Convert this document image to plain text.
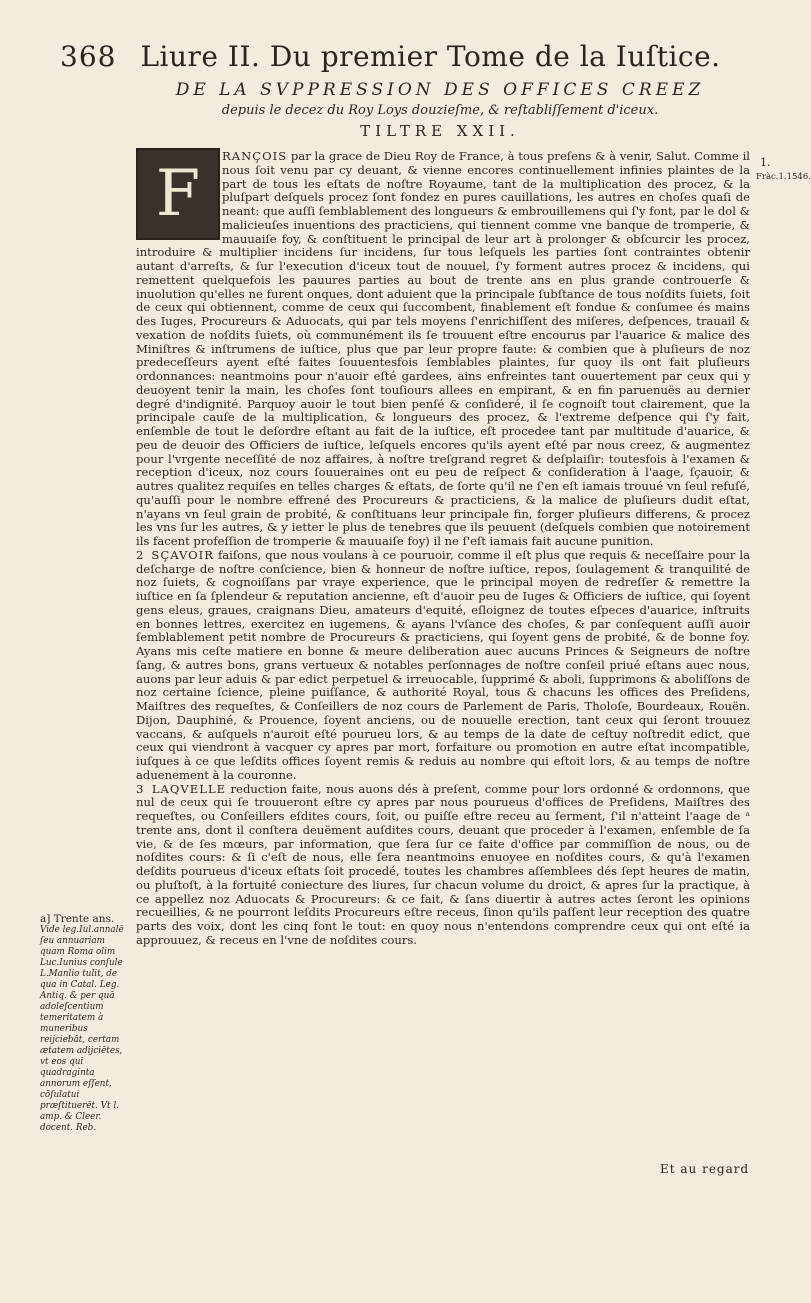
368 Liure II. Du premier Tome de la Iuſtice.
DE LA SVPPRESSION DES OFFICES CREEZ
depuis le decez du Roy Loys douzieſme, & reſtabliſſement d'iceux.
TILTRE XXII.
1.
Fràc.1.1546.
F

RANÇOIS par la grace de Dieu Roy de France, à tous preſens & à venir, Salut. Comme il nous ſoit venu par cy deuant, & vienne encores continuellement infinies plaintes de la part de tous les eſtats de noſtre Royaume, tant de la multiplication des procez, & la pluſpart deſquels procez ſont fondez en pures cauillations, les autres en choſes quaſi de neant: que auſſi ſemblablement des longueurs & embrouillemens qui ſ'y font, par le dol & malicieuſes inuentions des practiciens, qui tiennent comme vne banque de tromperie, & mauuaiſe foy, & conſtituent le principal de leur art à prolonger & obſcurcir les procez, introduire & multiplier incidens ſur incidens, ſur tous leſquels les parties ſont contraintes obtenir autant d'arreſts, & ſur l'execution d'iceux tout de nouuel, ſ'y forment autres procez & incidens, qui remettent quelquefois les pauures parties au bout de trente ans en plus grande controuerſe & inuolution qu'elles ne furent onques, dont aduient que la principale ſubſtance de tous noſdits ſuiets, ſoit de ceux qui obtiennent, comme de ceux qui ſuccombent, finablement eſt fondue & conſumee és mains des Iuges, Procureurs & Aduocats, qui par tels moyens ſ'enrichiſſent des miſeres, deſpences, trauail & vexation de noſdits ſuiets, où communément ils ſe trouuent eſtre encourus par l'auarice & malice des Miniſtres & inſtrumens de iuſtice, plus que par leur propre faute: & combien que à pluſieurs de noz predeceſſeurs ayent eſté faites ſouuentesfois ſemblables plaintes, ſur quoy ils ont fait pluſieurs ordonnances: neantmoins pour n'auoir eſté gardees, ains enfreintes tant ouuertement par ceux qui y deuoyent tenir la main, les choſes ſont touſiours allees en empirant, & en fin paruenuës au dernier degré d'indignité. Parquoy auoir le tout bien penſé & conſideré, il ſe cognoiſt tout clairement, que la principale cauſe de la multiplication, & longueurs des procez, & l'extreme deſpence qui ſ'y fait, enſemble de tout le deſordre eſtant au fait de la iuſtice, eſt procedee tant par multitude d'auarice, & peu de deuoir des Officiers de iuſtice, leſquels encores qu'ils ayent eſté par nous creez, & augmentez pour l'vrgente neceſſité de noz affaires, à noſtre treſgrand regret & deſplaiſir: toutesfois à l'examen & reception d'iceux, noz cours ſouueraines ont eu peu de reſpect & conſideration à l'aage, ſçauoir, & autres qualitez requiſes en telles charges & eſtats, de ſorte qu'il ne ſ'en eſt iamais trouué vn ſeul refuſé, qu'auſſi pour le nombre effrené des Procureurs & practiciens, & la malice de pluſieurs dudit eſtat, n'ayans vn ſeul grain de probité, & conſtituans leur principale fin, forger pluſieurs differens, & procez les vns ſur les autres, & y ietter le plus de tenebres que ils peuuent (deſquels combien que notoirement ils facent profeſſion de tromperie & mauuaiſe foy) il ne ſ'eſt iamais fait aucune punition.

2 SÇAVOIR faiſons, que nous voulans à ce pouruoir, comme il eſt plus que requis & neceſſaire pour la deſcharge de noſtre conſcience, bien & honneur de noſtre iuſtice, repos, ſoulagement & tranquilité de noz ſuiets, & cognoiſſans par vraye experience, que le principal moyen de redreſſer & remettre la iuſtice en ſa ſplendeur & reputation ancienne, eſt d'auoir peu de Iuges & Officiers de iuſtice, qui ſoyent gens eleus, graues, craignans Dieu, amateurs d'equité, eſloignez de toutes eſpeces d'auarice, inſtruits en bonnes lettres, exercitez en iugemens, & ayans l'vſance des choſes, & par conſequent auſſi auoir ſemblablement petit nombre de Procureurs & practiciens, qui ſoyent gens de probité, & de bonne foy. Ayans mis ceſte matiere en bonne & meure deliberation auec aucuns Princes & Seigneurs de noſtre ſang, & autres bons, grans vertueux & notables perſonnages de noſtre conſeil priué eſtans auec nous, auons par leur aduis & par edict perpetuel & irreuocable, ſupprimé & aboli, ſupprimons & aboliſſons de noz certaine ſcience, pleine puiſſance, & authorité Royal, tous & chacuns les offices des Preſidens, Maiſtres des requeſtes, & Conſeillers de noz cours de Parlement de Paris, Tholoſe, Bourdeaux, Rouën. Dijon, Dauphiné, & Prouence, ſoyent anciens, ou de nouuelle erection, tant ceux qui ſeront trouuez vaccans, & auſquels n'auroit eſté pourueu lors, & au temps de la date de ceſtuy noſtredit edict, que ceux qui viendront à vacquer cy apres par mort, forfaiture ou promotion en autre eſtat incompatible, iuſques à ce que leſdits offices ſoyent remis & reduis au nombre qui eſtoit lors, & au temps de noſtre aduenement à la couronne.

3 LAQVELLE reduction faite, nous auons dés à preſent, comme pour lors ordonné & ordonnons, que nul de ceux qui ſe trouueront eſtre cy apres par nous pourueus d'offices de Preſidens, Maiſtres des requeſtes, ou Conſeillers eſdites cours, ſoit, ou puiſſe eſtre receu au ſerment, ſ'il n'atteint l'aage de ᵃ trente ans, dont il conſtera deuëment auſdites cours, deuant que proceder à l'examen, enſemble de ſa vie, & de ſes mœurs, par information, que ſera ſur ce faite d'office par commiſſion de nous, ou de noſdites cours: & ſi c'eſt de nous, elle ſera neantmoins enuoyee en noſdites cours, & qu'à l'examen deſdits pourueus d'iceux eſtats ſoit procedé, toutes les chambres aſſemblees dés ſept heures de matin, ou pluſtoſt, à la fortuité coniecture des liures, ſur chacun volume du droict, & apres ſur la practique, à ce appellez noz Aduocats & Procureurs: & ce fait, & ſans diuertir à autres actes ſeront les opinions recueillies, & ne pourront leſdits Procureurs eſtre receus, ſinon qu'ils paſſent leur reception des quatre parts des voix, dont les cinq font le tout: en quoy nous n'entendons comprendre ceux qui ont eſté ia approuuez, & receus en l'vne de noſdites cours.

a] Trente ans.
Vide leg.Iul.annalē ſeu annuariam quam Roma olim Luc.Iunius conſule L.Manlio tulit, de qua in Catal. Leg. Antiq. & per quā adoleſcentium temeritatem à muneribus reijciebāt, certam ætatem adijciētes, vt eos qui quadraginta annorum eſſent, cōſulatui præſtituerēt. Vt l. amp. & Cleer. docent. Reb.
Et au regard
